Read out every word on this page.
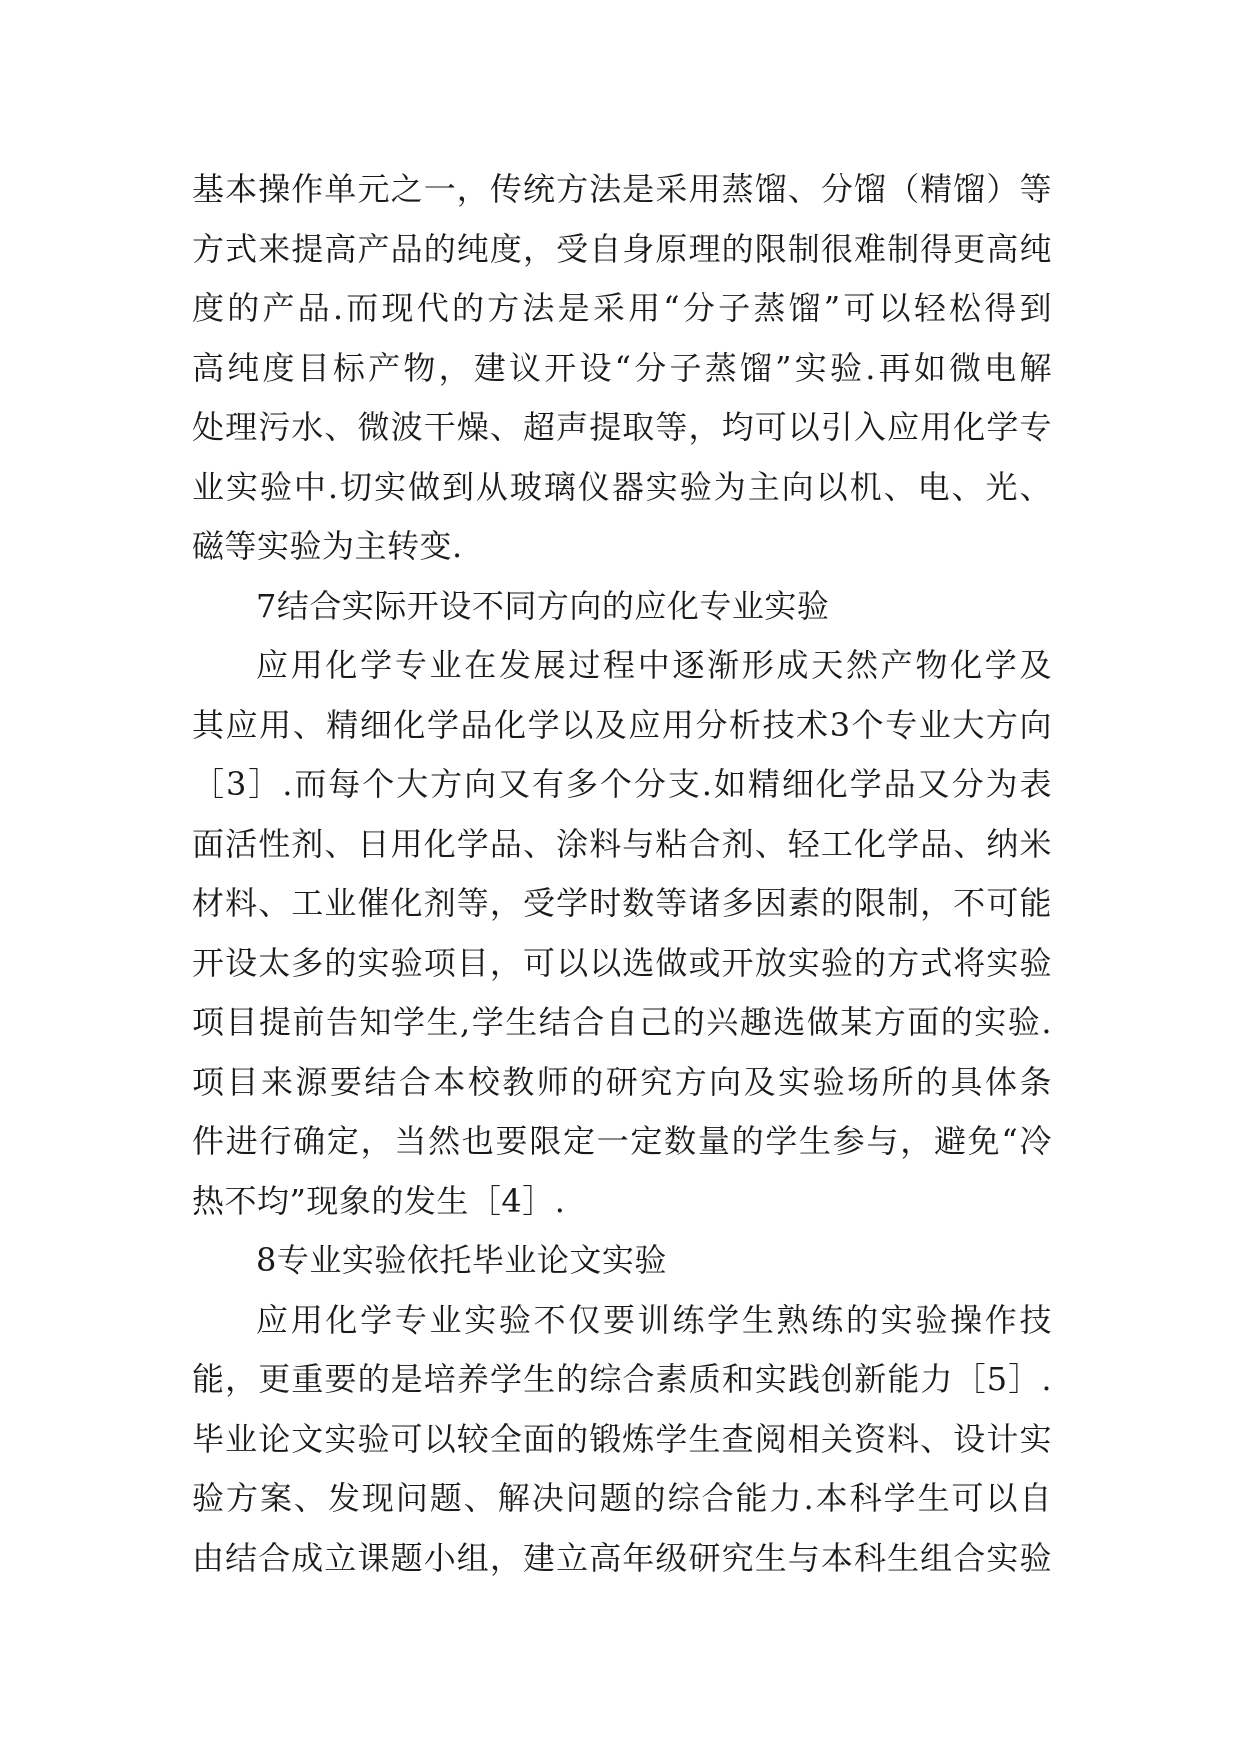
基本操作单元之一，传统方法是采用蒸馏、分馏（精馏）等
方式来提高产品的纯度，受自身原理的限制很难制得更高纯
度的产品.而现代的方法是采用“分子蒸馏”可以轻松得到
高纯度目标产物，建议开设“分子蒸馏”实验.再如微电解
处理污水、微波干燥、超声提取等，均可以引入应用化学专
业实验中.切实做到从玻璃仪器实验为主向以机、电、光、
磁等实验为主转变.
7结合实际开设不同方向的应化专业实验
应用化学专业在发展过程中逐渐形成天然产物化学及
其应用、精细化学品化学以及应用分析技术3个专业大方向
［3］.而每个大方向又有多个分支.如精细化学品又分为表
面活性剂、日用化学品、涂料与粘合剂、轻工化学品、纳米
材料、工业催化剂等，受学时数等诸多因素的限制，不可能
开设太多的实验项目，可以以选做或开放实验的方式将实验
项目提前告知学生,学生结合自己的兴趣选做某方面的实验.
项目来源要结合本校教师的研究方向及实验场所的具体条
件进行确定，当然也要限定一定数量的学生参与，避免“冷
热不均”现象的发生［4］.
8专业实验依托毕业论文实验
应用化学专业实验不仅要训练学生熟练的实验操作技
能，更重要的是培养学生的综合素质和实践创新能力［5］.
毕业论文实验可以较全面的锻炼学生查阅相关资料、设计实
验方案、发现问题、解决问题的综合能力.本科学生可以自
由结合成立课题小组，建立高年级研究生与本科生组合实验
